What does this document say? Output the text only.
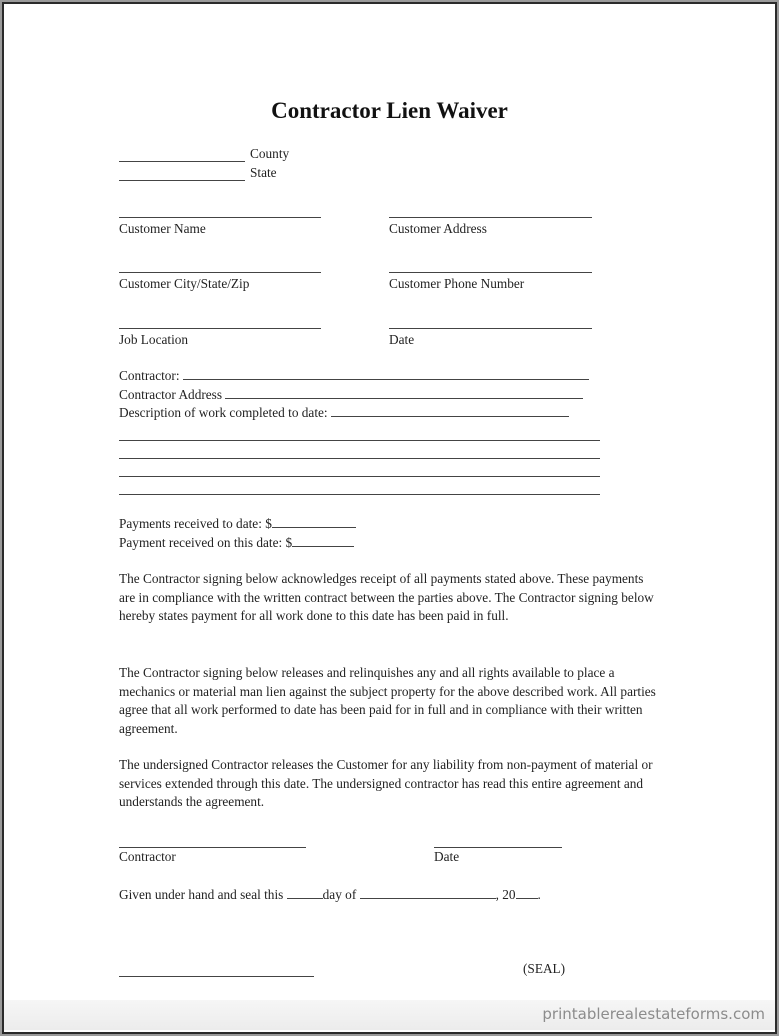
printablerealestateforms.com
Contractor Lien Waiver
County
State
Customer Name	Customer Address
Customer City/State/Zip	Customer Phone Number
Job Location	Date
Contractor:
Contractor Address
Description of work completed to date:
Payments received to date: $
Payment received on this date: $
The Contractor signing below acknowledges receipt of all payments stated above. These payments are in compliance with the written contract between the parties above. The Contractor signing below hereby states payment for all work done to this date has been paid in full.
The Contractor signing below releases and relinquishes any and all rights available to place a mechanics or material man lien against the subject property for the above described work. All parties agree that all work performed to date has been paid for in full and in compliance with their written agreement.
The undersigned Contractor releases the Customer for any liability from non-payment of material or services extended through this date. The undersigned contractor has read this entire agreement and understands the agreement.
Contractor	Date
Given under hand and seal this	day of	, 20 .
(SEAL)
